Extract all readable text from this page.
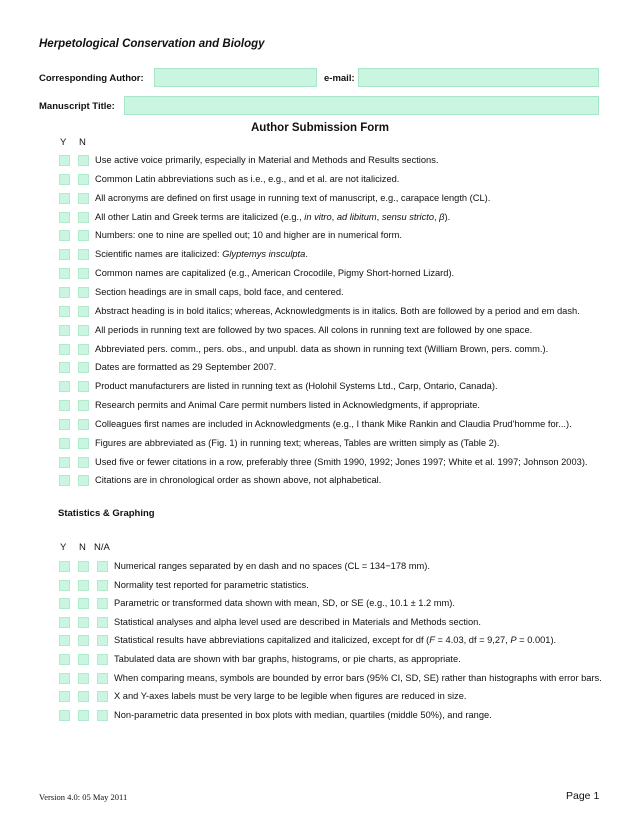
Herpetological Conservation and Biology
Corresponding Author:	e-mail:
Manuscript Title:
Author Submission Form
Y N
Use active voice primarily, especially in Material and Methods and Results sections.
Common Latin abbreviations such as i.e., e.g., and et al. are not italicized.
All acronyms are defined on first usage in running text of manuscript, e.g., carapace length (CL).
All other Latin and Greek terms are italicized (e.g., in vitro, ad libitum, sensu stricto, β).
Numbers: one to nine are spelled out; 10 and higher are in numerical form.
Scientific names are italicized: Glyptemys insculpta.
Common names are capitalized (e.g., American Crocodile, Pigmy Short-horned Lizard).
Section headings are in small caps, bold face, and centered.
Abstract heading is in bold italics; whereas, Acknowledgments is in italics. Both are followed by a period and em dash.
All periods in running text are followed by two spaces. All colons in running text are followed by one space.
Abbreviated pers. comm., pers. obs., and unpubl. data as shown in running text (William Brown, pers. comm.).
Dates are formatted as 29 September 2007.
Product manufacturers are listed in running text as (Holohil Systems Ltd., Carp, Ontario, Canada).
Research permits and Animal Care permit numbers listed in Acknowledgments, if appropriate.
Colleagues first names are included in Acknowledgments (e.g., I thank Mike Rankin and Claudia Prud'homme for...).
Figures are abbreviated as (Fig. 1) in running text; whereas, Tables are written simply as (Table 2).
Used five or fewer citations in a row, preferably three (Smith 1990, 1992; Jones 1997; White et al. 1997; Johnson 2003).
Citations are in chronological order as shown above, not alphabetical.
Statistics & Graphing
Y N N/A
Numerical ranges separated by en dash and no spaces (CL = 134−178 mm).
Normality test reported for parametric statistics.
Parametric or transformed data shown with mean, SD, or SE (e.g., 10.1 ± 1.2 mm).
Statistical analyses and alpha level used are described in Materials and Methods section.
Statistical results have abbreviations capitalized and italicized, except for df (F = 4.03, df = 9,27, P = 0.001).
Tabulated data are shown with bar graphs, histograms, or pie charts, as appropriate.
When comparing means, symbols are bounded by error bars (95% CI, SD, SE) rather than histographs with error bars.
X and Y-axes labels must be very large to be legible when figures are reduced in size.
Non-parametric data presented in box plots with median, quartiles (middle 50%), and range.
Version 4.0: 05 May 2011	Page 1
